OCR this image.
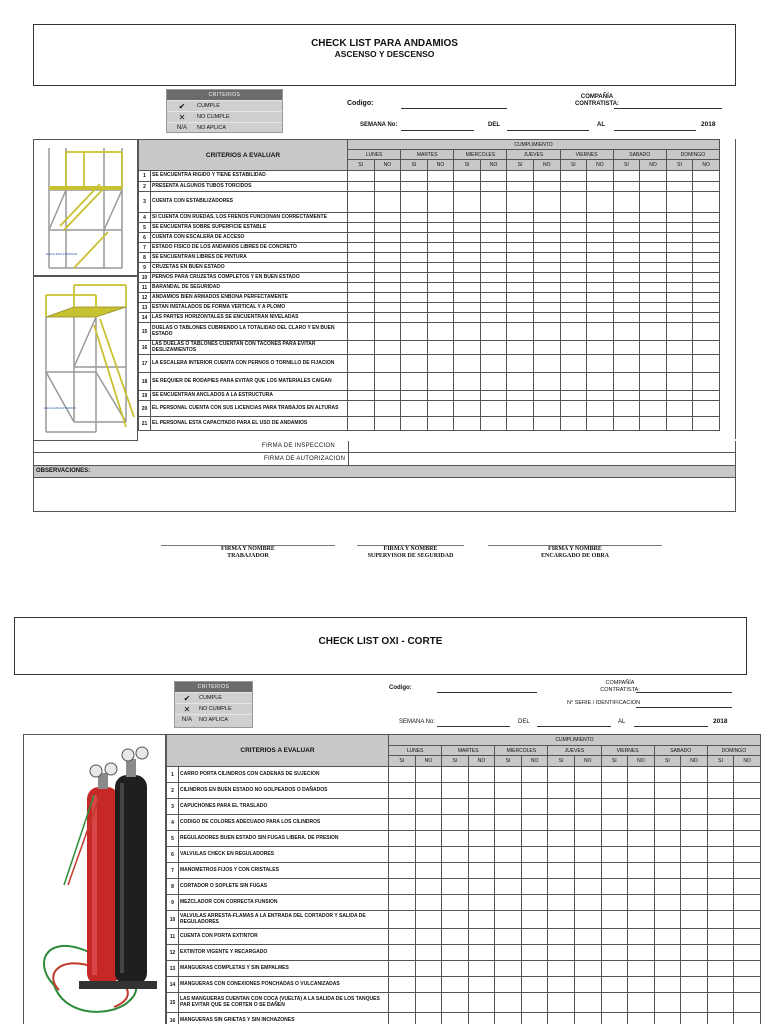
CHECK LIST PARA ANDAMIOS
ASCENSO Y DESCENSO
CRITERIOS
✔	CUMPLE
✕	NO CUMPLE
N/A	NO APLICA
Codigo:
COMPAÑÍA CONTRATISTA:
SEMANA No:	DEL	AL	2018
ESCALERA INTERIOR
ESCALERA EXTERIOR
CRITERIOS A EVALUAR		CUMPLIMIENTO													
		LUNES		MARTES		MIERCOLES		JUEVES		VIERNES		SABADO		DOMINGO	
		SI	NO	SI	NO	SI	NO	SI	NO	SI	NO	SI	NO	SI	NO
1	SE ENCUENTRA RIGIDO Y TIENE ESTABILIDAD														
2	PRESENTA ALGUNOS TUBOS TORCIDOS														
3	CUENTA CON ESTABILIZADORES														
4	SI CUENTA CON RUEDAS, LOS FRENOS FUNCIONAN CORRECTAMENTE														
5	SE ENCUENTRA SOBRE SUPERFICIE ESTABLE														
6	CUENTA CON ESCALERA DE ACCESO														
7	ESTADO FISICO DE LOS ANDAMIOS LIBRES DE CONCRETO														
8	SE ENCUENTRAN LIBRES DE PINTURA														
9	CRUZETAS EN BUEN ESTADO														
10	PERNOS PARA CRUZETAS COMPLETOS Y EN BUEN ESTADO														
11	BARANDAL DE SEGURIDAD														
12	ANDAMIOS BIEN ARMADOS ENBONA PERFECTAMENTE														
13	ESTAN INSTALADOS DE FORMA VERTICAL Y A PLOMO														
14	LAS PARTES HORIZONTALES SE ENCUENTRAN NIVELADAS														
15	DUELAS O TABLONES CUBRIENDO LA TOTALIDAD DEL CLARO Y EN BUEN ESTADO														
16	LAS DUELAS O TABLONES CUENTAN CON TACONES PARA EVITAR DESLIZAMIENTOS														
17	LA ESCALERA INTERIOR CUENTA CON PERNOS O TORNILLO DE FIJACION														
18	SE REQUIER DE RODAPIES PARA EVITAR QUE LOS MATERIALES CAIGAN														
19	SE ENCUENTRAN ANCLADOS A LA ESTRUCTURA														
20	EL PERSONAL CUENTA CON SUS LICENCIAS PARA TRABAJOS EN ALTURAS														
21	EL PERSONAL ESTA CAPACITADO PARA EL USO DE ANDAMIOS														
FIRMA DE INSPECCION
FIRMA DE AUTORIZACION
OBSERVACIONES:
FIRMA Y NOMBRE
TRABAJADOR
FIRMA Y NOMBRE
SUPERVISOR DE SEGURIDAD
FIRMA Y NOMBRE
ENCARGADO DE OBRA
CHECK LIST OXI - CORTE
CRITERIOS
✔	CUMPLE
✕	NO CUMPLE
N/A	NO APLICA
Codigo:
COMPAÑÍA CONTRATISTA:
N° SERIE / IDENTIFICACION
SEMANA No:	DEL	AL	2018
CRITERIOS A EVALUAR		CUMPLIMIENTO													
		LUNES		MARTES		MIERCOLES		JUEVES		VIERNES		SABADO		DOMINGO	
		SI	NO	SI	NO	SI	NO	SI	NO	SI	NO	SI	NO	SI	NO
1	CARRO PORTA CILINDROS CON CADENAS DE SUJECION														
2	CILINDROS EN BUEN ESTADO NO GOLPEADOS O DAÑADOS														
3	CAPUCHONES PARA EL TRASLADO														
4	CODIGO DE COLORES ADECUADO PARA LOS CILINDROS														
5	REGULADORES BUEN ESTADO SIN FUGAS LIBERA. DE PRESION														
6	VALVULAS CHECK EN REGULADORES														
7	MANOMETROS FIJOS Y CON CRISTALES														
8	CORTADOR O SOPLETE SIN FUGAS														
9	MEZCLADOR CON CORRECTA FUNSION														
10	VALVULAS ARRESTA-FLAMAS A LA ENTRADA DEL CORTADOR Y SALIDA DE REGULADORES														
11	CUENTA CON PORTA EXTINTOR														
12	EXTINTOR VIGENTE Y RECARGADO														
13	MANGUERAS COMPLETAS Y SIN EMPALMES														
14	MANGUERAS CON CONEXIONES PONCHADAS O VULCANIZADAS														
15	LAS MANGUERAS CUENTAN CON COCA (VUELTA) A LA SALIDA DE LOS TANQUES PAR EVITAR QUE SE CORTEN O SE DAÑEN														
16	MANGUERAS SIN GRIETAS Y SIN INCHAZONES														
